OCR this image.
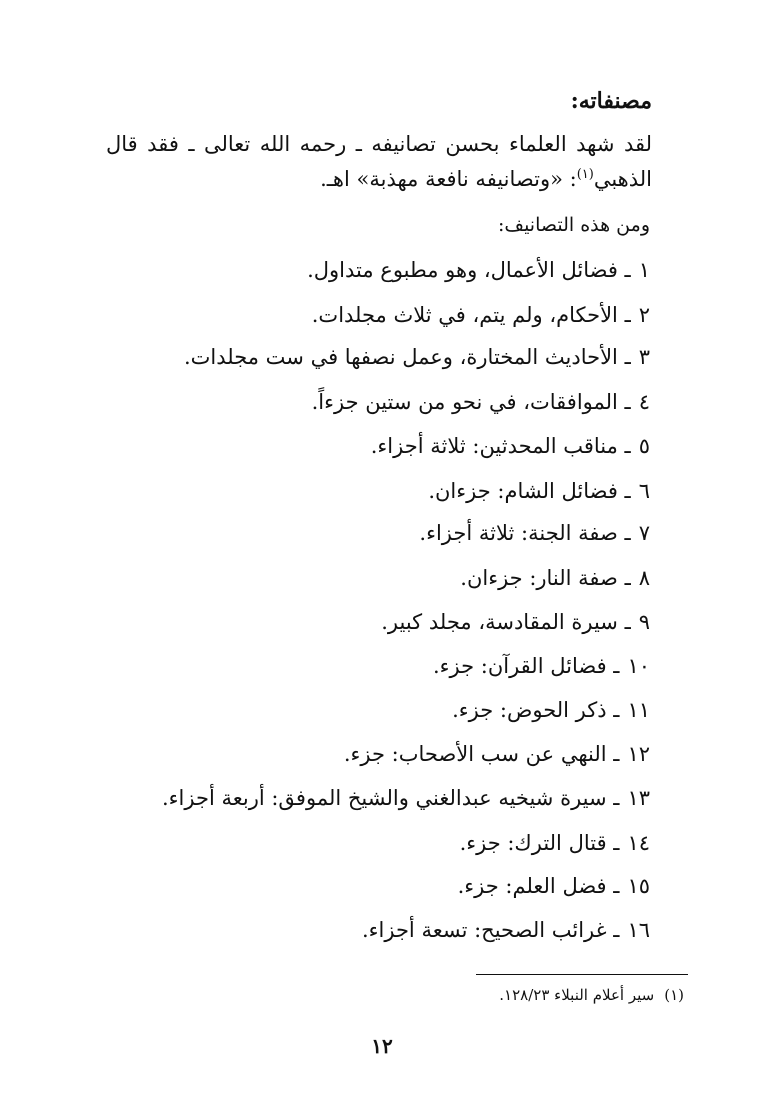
مصنفاته:
لقد شهد العلماء بحسن تصانيفه ـ رحمه الله تعالى ـ فقد قال
الذهبي$^{(١)}$: «وتصانيفه نافعة مهذبة» اهـ.
ومن هذه التصانيف:
١ـ فضائل الأعمال، وهو مطبوع متداول.
٢ـ الأحكام، ولم يتم، في ثلاث مجلدات.
٣ـ الأحاديث المختارة، وعمل نصفها في ست مجلدات.
٤ـ الموافقات، في نحو من ستين جزءاً.
٥ـ مناقب المحدثين: ثلاثة أجزاء.
٦ـ فضائل الشام: جزءان.
٧ـ صفة الجنة: ثلاثة أجزاء.
٨ـ صفة النار: جزءان.
٩ـ سيرة المقادسة، مجلد كبير.
١٠ـ فضائل القرآن: جزء.
١١ـ ذكر الحوض: جزء.
١٢ـ النهي عن سب الأصحاب: جزء.
١٣ـ سيرة شيخيه عبدالغني والشيخ الموفق: أربعة أجزاء.
١٤ـ قتال الترك: جزء.
١٥ـ فضل العلم: جزء.
١٦ـ غرائب الصحيح: تسعة أجزاء.
(١)سير أعلام النبلاء ١٢٨/٢٣.
١٢
